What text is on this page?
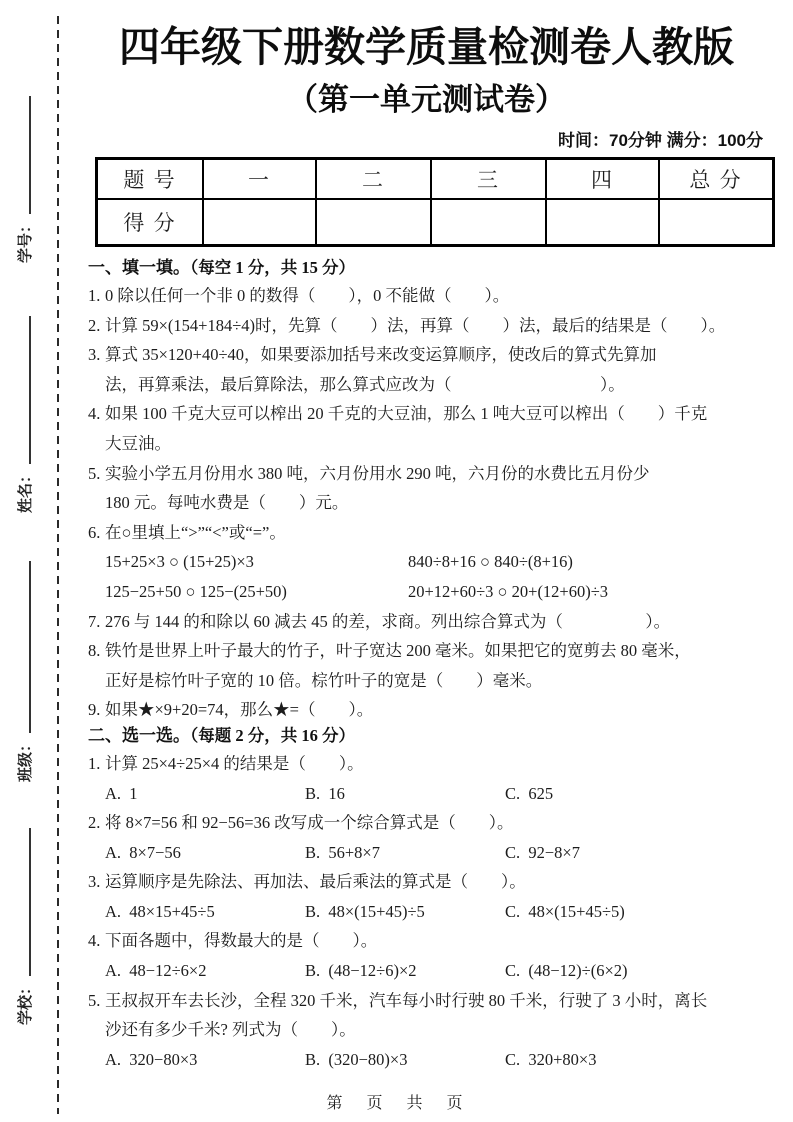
学号：
姓名：
班级：
学校：
四年级下册数学质量检测卷人教版
（第一单元测试卷）
时间：70分钟 满分：100分
题 号	一	二	三	四	总 分
得 分					
一、填一填。（每空 1 分，共 15 分）
1. 0 除以任何一个非 0 的数得（　　），0 不能做（　　）。
2. 计算 59×(154+184÷4)时，先算（　　）法，再算（　　）法，最后的结果是（　　）。
3. 算式 35×120+40÷40，如果要添加括号来改变运算顺序，使改后的算式先算加
法，再算乘法，最后算除法，那么算式应改为（　　　　　　　　　）。
4. 如果 100 千克大豆可以榨出 20 千克的大豆油，那么 1 吨大豆可以榨出（　　）千克
大豆油。
5. 实验小学五月份用水 380 吨，六月份用水 290 吨，六月份的水费比五月份少
180 元。每吨水费是（　　）元。
6. 在○里填上“>”“<”或“=”。
15+25×3 ○ (15+25)×3	840÷8+16 ○ 840÷(8+16)
125−25+50 ○ 125−(25+50)	20+12+60÷3 ○ 20+(12+60)÷3
7. 276 与 144 的和除以 60 减去 45 的差，求商。列出综合算式为（　　　　　）。
8. 铁竹是世界上叶子最大的竹子，叶子宽达 200 毫米。如果把它的宽剪去 80 毫米，
正好是棕竹叶子宽的 10 倍。棕竹叶子的宽是（　　）毫米。
9. 如果★×9+20=74，那么★=（　　）。
二、选一选。（每题 2 分，共 16 分）
1. 计算 25×4÷25×4 的结果是（　　）。
A.  1	B.  16	C.  625
2. 将 8×7=56 和 92−56=36 改写成一个综合算式是（　　）。
A.  8×7−56	B.  56+8×7	C.  92−8×7
3. 运算顺序是先除法、再加法、最后乘法的算式是（　　）。
A.  48×15+45÷5	B.  48×(15+45)÷5	C.  48×(15+45÷5)
4. 下面各题中，得数最大的是（　　）。
A.  48−12÷6×2	B.  (48−12÷6)×2	C.  (48−12)÷(6×2)
5. 王叔叔开车去长沙，全程 320 千米，汽车每小时行驶 80 千米，行驶了 3 小时，离长
沙还有多少千米? 列式为（　　）。
A.  320−80×3	B.  (320−80)×3	C.  320+80×3
第　页　共　页
